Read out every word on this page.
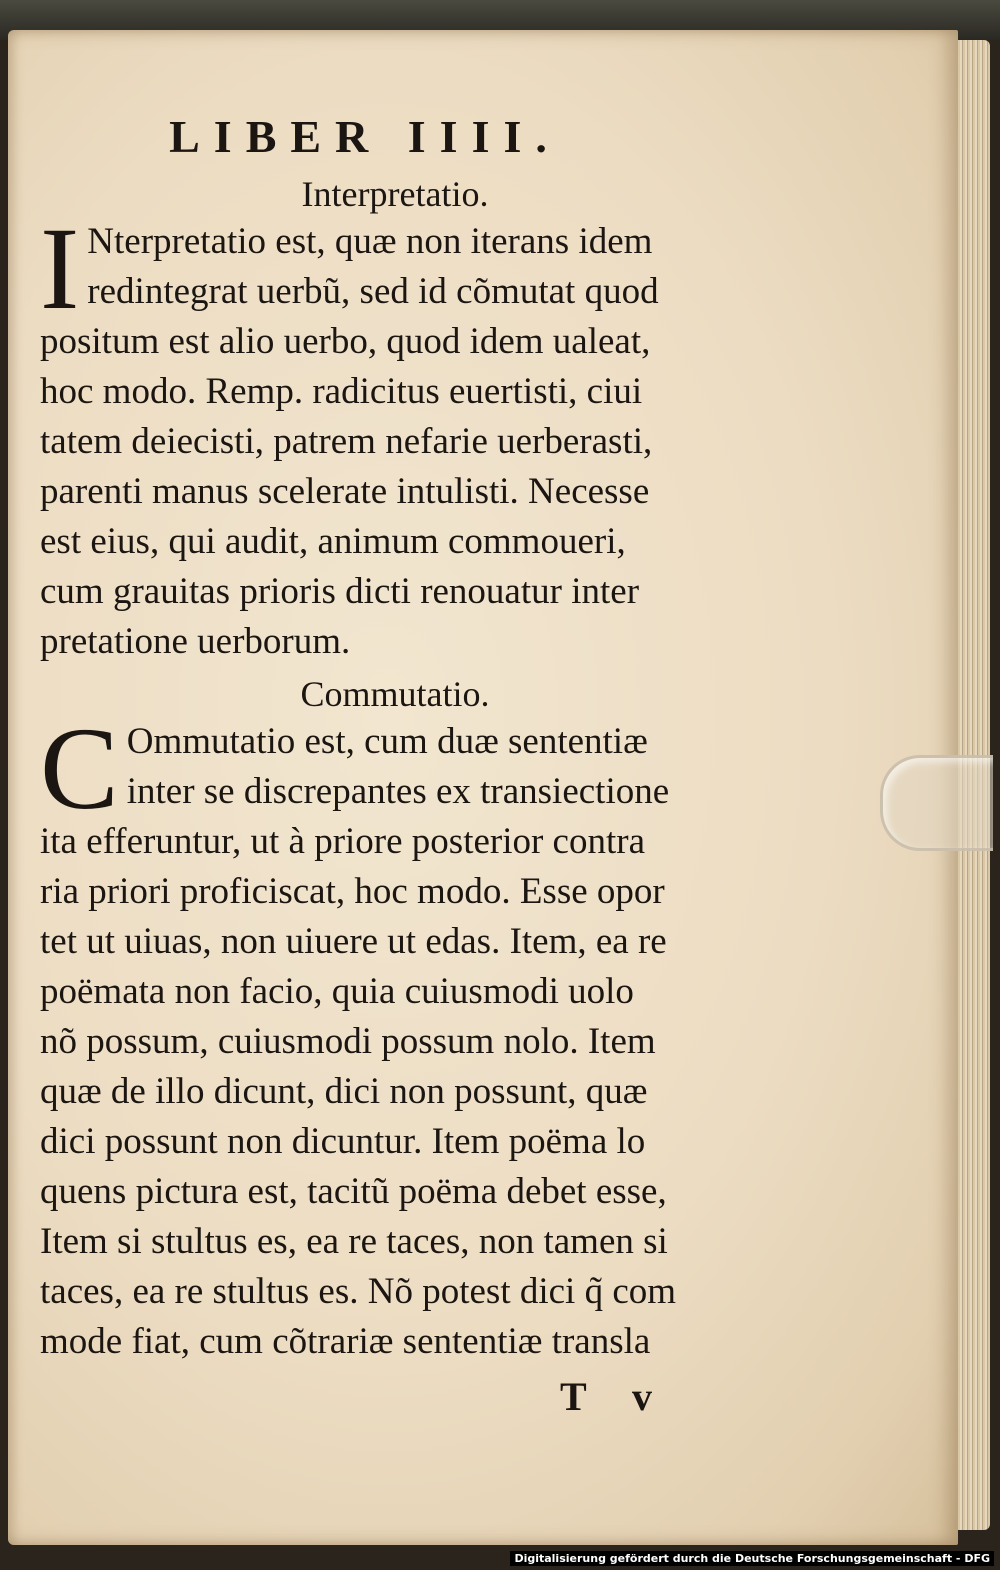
LIBER IIII.
Interpretatio.
I Nterpretatio est, quæ non iterans idem
redintegrat uerbũ, sed id cõmutat quod
positum est alio uerbo, quod idem ualeat,
hoc modo. Remp. radicitus euertisti, ciui
tatem deiecisti, patrem nefarie uerberasti,
parenti manus scelerate intulisti. Necesse
est eius, qui audit, animum commoueri,
cum grauitas prioris dicti renouatur inter
pretatione uerborum.
Commutatio.
C Ommutatio est, cum duæ sententiæ
inter se discrepantes ex transiectione
ita efferuntur, ut à priore posterior contra
ria priori proficiscat, hoc modo. Esse opor
tet ut uiuas, non uiuere ut edas. Item, ea re
poëmata non facio, quia cuiusmodi uolo
nõ possum, cuiusmodi possum nolo. Item
quæ de illo dicunt, dici non possunt, quæ
dici possunt non dicuntur. Item poëma lo
quens pictura est, tacitũ poëma debet esse,
Item si stultus es, ea re taces, non tamen si
taces, ea re stultus es. Nõ potest dici q̃ com
mode fiat, cum cõtrariæ sententiæ transla
T v
Digitalisierung gefördert durch die Deutsche Forschungsgemeinschaft - DFG
